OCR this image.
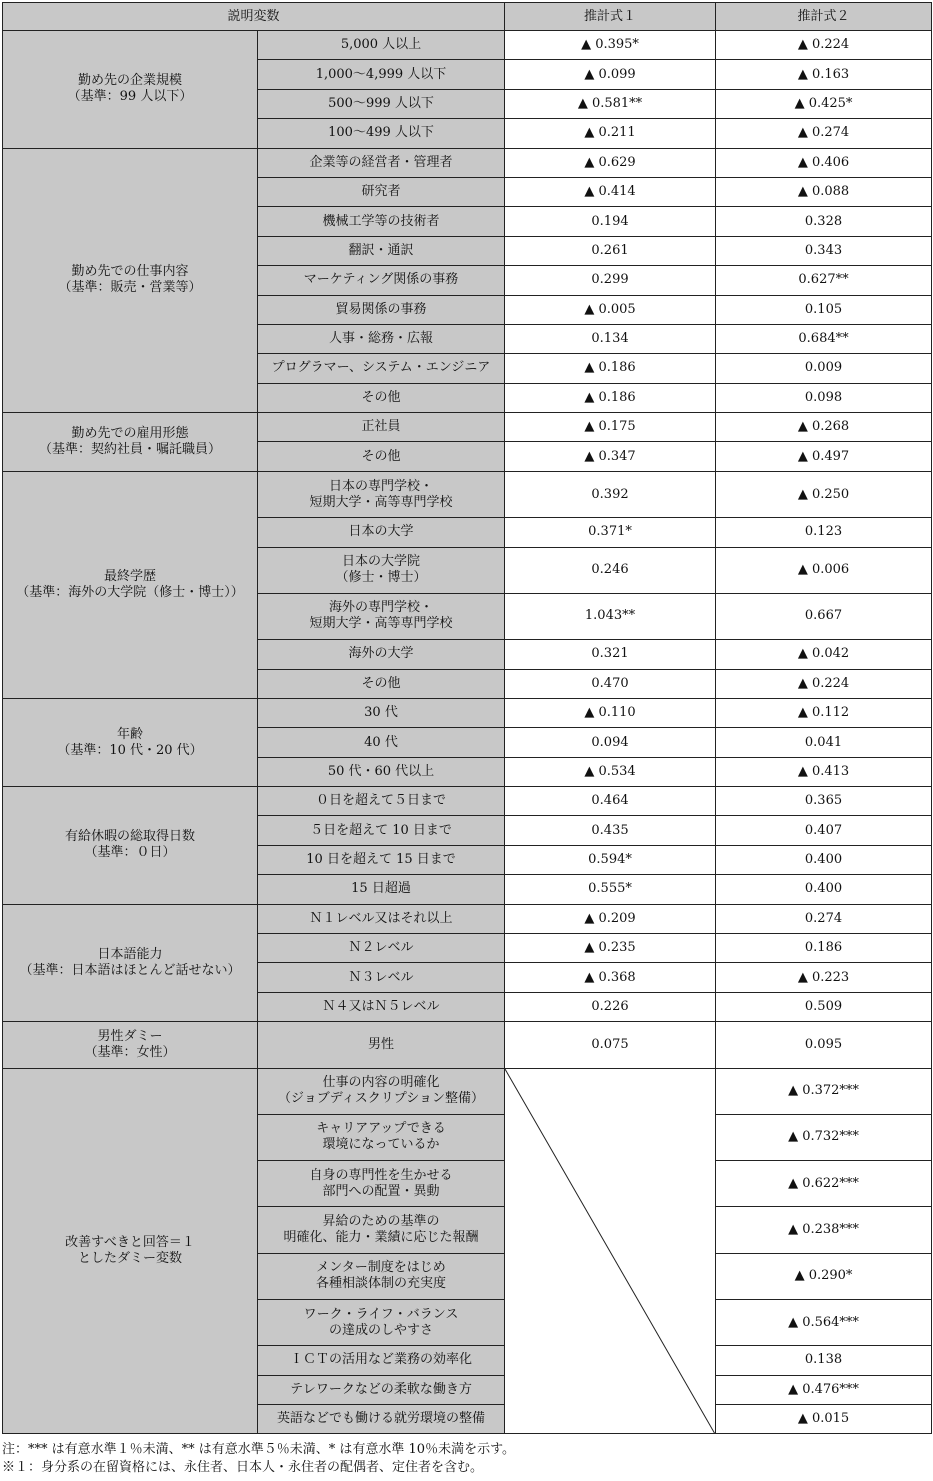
説明変数		推計式１	推計式２
勤め先の企業規模
（基準：99 人以下）	5,000 人以上	▲ 0.395*	▲ 0.224
	1,000～4,999 人以下	▲ 0.099	▲ 0.163
	500～999 人以下	▲ 0.581**	▲ 0.425*
	100～499 人以下	▲ 0.211	▲ 0.274
勤め先での仕事内容
（基準：販売・営業等）	企業等の経営者・管理者	▲ 0.629	▲ 0.406
	研究者	▲ 0.414	▲ 0.088
	機械工学等の技術者	0.194	0.328
	翻訳・通訳	0.261	0.343
	マーケティング関係の事務	0.299	0.627**
	貿易関係の事務	▲ 0.005	0.105
	人事・総務・広報	0.134	0.684**
	プログラマー、システム・エンジニア	▲ 0.186	0.009
	その他	▲ 0.186	0.098
勤め先での雇用形態
（基準：契約社員・嘱託職員）	正社員	▲ 0.175	▲ 0.268
	その他	▲ 0.347	▲ 0.497
最終学歴
（基準：海外の大学院（修士・博士））	日本の専門学校・
短期大学・高等専門学校	0.392	▲ 0.250
	日本の大学	0.371*	0.123
	日本の大学院
（修士・博士）	0.246	▲ 0.006
	海外の専門学校・
短期大学・高等専門学校	1.043**	0.667
	海外の大学	0.321	▲ 0.042
	その他	0.470	▲ 0.224
年齢
（基準：10 代・20 代）	30 代	▲ 0.110	▲ 0.112
	40 代	0.094	0.041
	50 代・60 代以上	▲ 0.534	▲ 0.413
有給休暇の総取得日数
（基準：０日）	０日を超えて５日まで	0.464	0.365
	５日を超えて 10 日まで	0.435	0.407
	10 日を超えて 15 日まで	0.594*	0.400
	15 日超過	0.555*	0.400
日本語能力
（基準：日本語はほとんど話せない）	Ｎ１レベル又はそれ以上	▲ 0.209	0.274
	Ｎ２レベル	▲ 0.235	0.186
	Ｎ３レベル	▲ 0.368	▲ 0.223
	Ｎ４又はＮ５レベル	0.226	0.509
男性ダミー
（基準：女性）	男性	0.075	0.095
改善すべきと回答＝１
としたダミー変数	仕事の内容の明確化
（ジョブディスクリプション整備）		▲ 0.372***
	キャリアアップできる
環境になっているか		▲ 0.732***
	自身の専門性を生かせる
部門への配置・異動		▲ 0.622***
	昇給のための基準の
明確化、能力・業績に応じた報酬		▲ 0.238***
	メンター制度をはじめ
各種相談体制の充実度		▲ 0.290*
	ワーク・ライフ・バランス
の達成のしやすさ		▲ 0.564***
	ＩＣＴの活用など業務の効率化		0.138
	テレワークなどの柔軟な働き方		▲ 0.476***
	英語などでも働ける就労環境の整備		▲ 0.015
注：*** は有意水準１％未満、** は有意水準５％未満、* は有意水準 10％未満を示す。
※１：身分系の在留資格には、永住者、日本人・永住者の配偶者、定住者を含む。
